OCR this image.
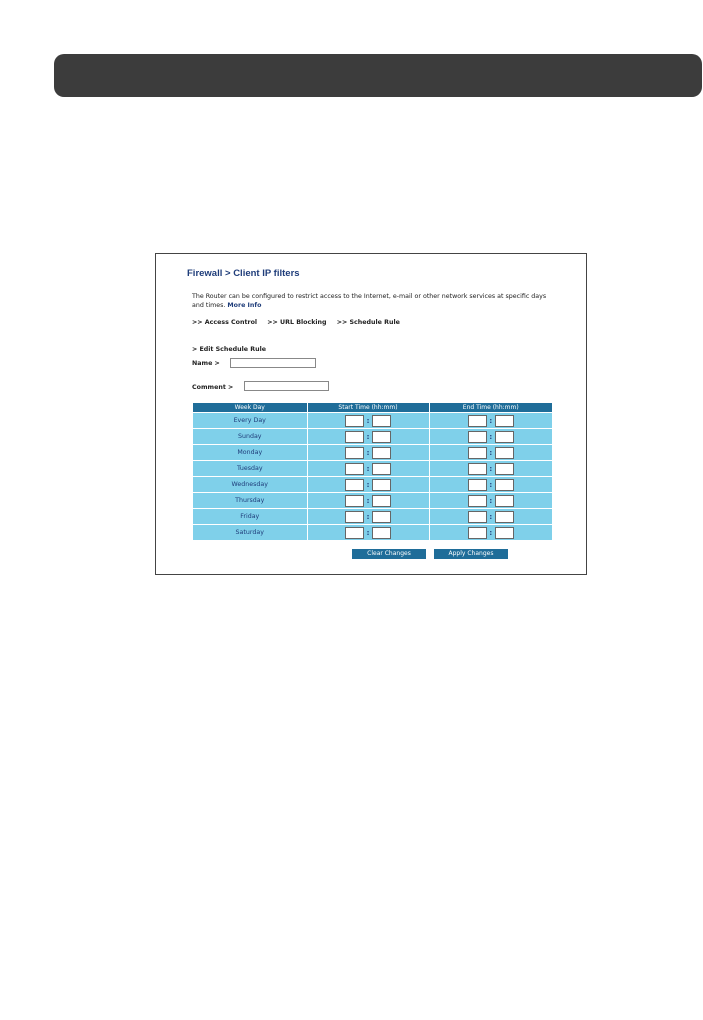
Firewall > Client IP filters
The Router can be configured to restrict access to the Internet, e-mail or other network services at specific days and times. More Info
>> Access Control >> URL Blocking >> Schedule Rule
> Edit Schedule Rule
Name >
Comment >
Week Day	Start Time (hh:mm)	End Time (hh:mm)
Every Day	:	:
Sunday	:	:
Monday	:	:
Tuesday	:	:
Wednesday	:	:
Thursday	:	:
Friday	:	:
Saturday	:	:
Clear Changes	Apply Changes
